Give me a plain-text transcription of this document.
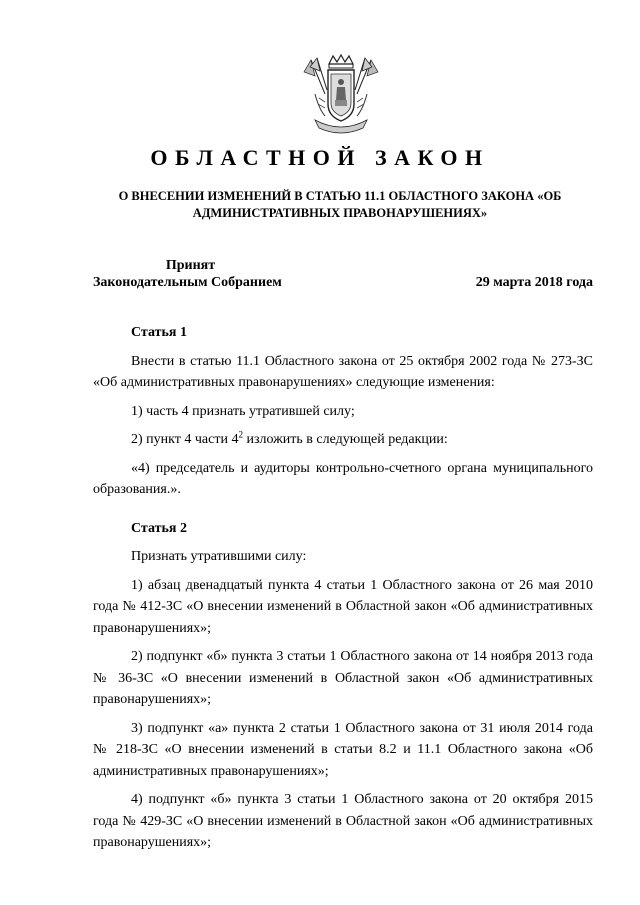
ОБЛАСТНОЙ ЗАКОН
О ВНЕСЕНИИ ИЗМЕНЕНИЙ В СТАТЬЮ 11.1 ОБЛАСТНОГО ЗАКОНА «ОБ АДМИНИСТРАТИВНЫХ ПРАВОНАРУШЕНИЯХ»
Принят
Законодательным Собранием	29 марта 2018 года
Статья 1

Внести в статью 11.1 Областного закона от 25 октября 2002 года № 273-ЗС «Об административных правонарушениях» следующие изменения:

1) часть 4 признать утратившей силу;

2) пункт 4 части $4^2$ изложить в следующей редакции:

«4) председатель и аудиторы контрольно-счетного органа муниципального образования.».

Статья 2

Признать утратившими силу:

1) абзац двенадцатый пункта 4 статьи 1 Областного закона от 26 мая 2010 года № 412-ЗС «О внесении изменений в Областной закон «Об административных правонарушениях»;

2) подпункт «б» пункта 3 статьи 1 Областного закона от 14 ноября 2013 года № 36-ЗС «О внесении изменений в Областной закон «Об административных правонарушениях»;

3) подпункт «а» пункта 2 статьи 1 Областного закона от 31 июля 2014 года № 218-ЗС «О внесении изменений в статьи 8.2 и 11.1 Областного закона «Об административных правонарушениях»;

4) подпункт «б» пункта 3 статьи 1 Областного закона от 20 октября 2015 года № 429-ЗС «О внесении изменений в Областной закон «Об административных правонарушениях»;
